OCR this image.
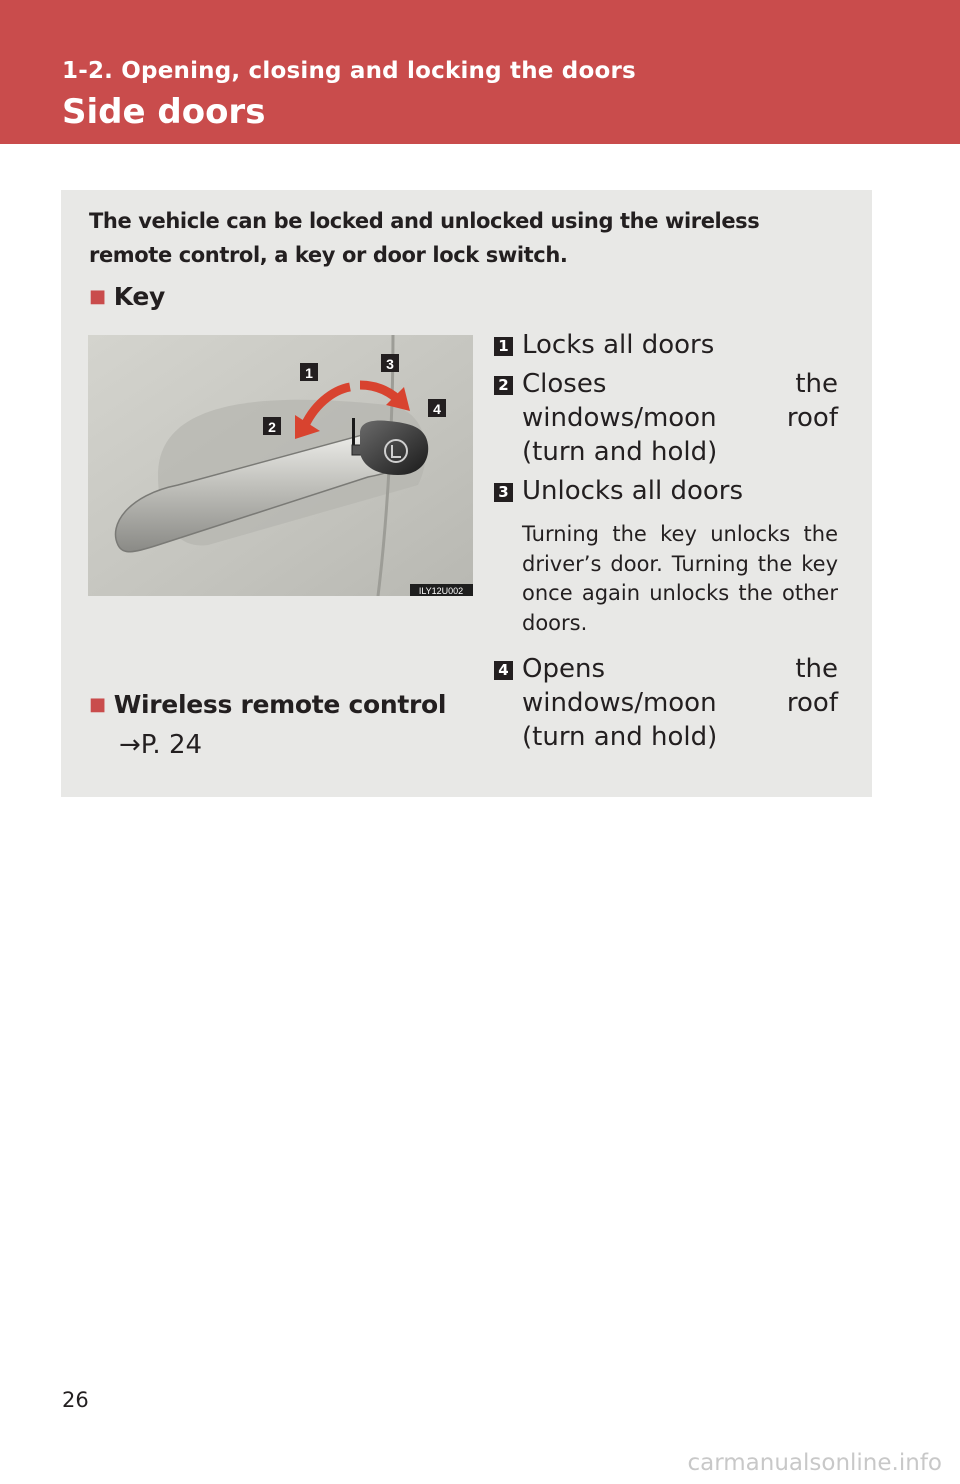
1-2. Opening, closing and locking the doors
Side doors
The vehicle can be locked and unlocked using the wireless remote control, a key or door lock switch.
■ Key
1
2
3
4
ILY12U002
1 Locks all doors
2 Closes the windows/moon roof (turn and hold)
3 Unlocks all doors
Turning the key unlocks the driver’s door. Turning the key once again unlocks the other doors.
4 Opens the windows/moon roof (turn and hold)
■ Wireless remote control
→P. 24
26
carmanualsonline.info
